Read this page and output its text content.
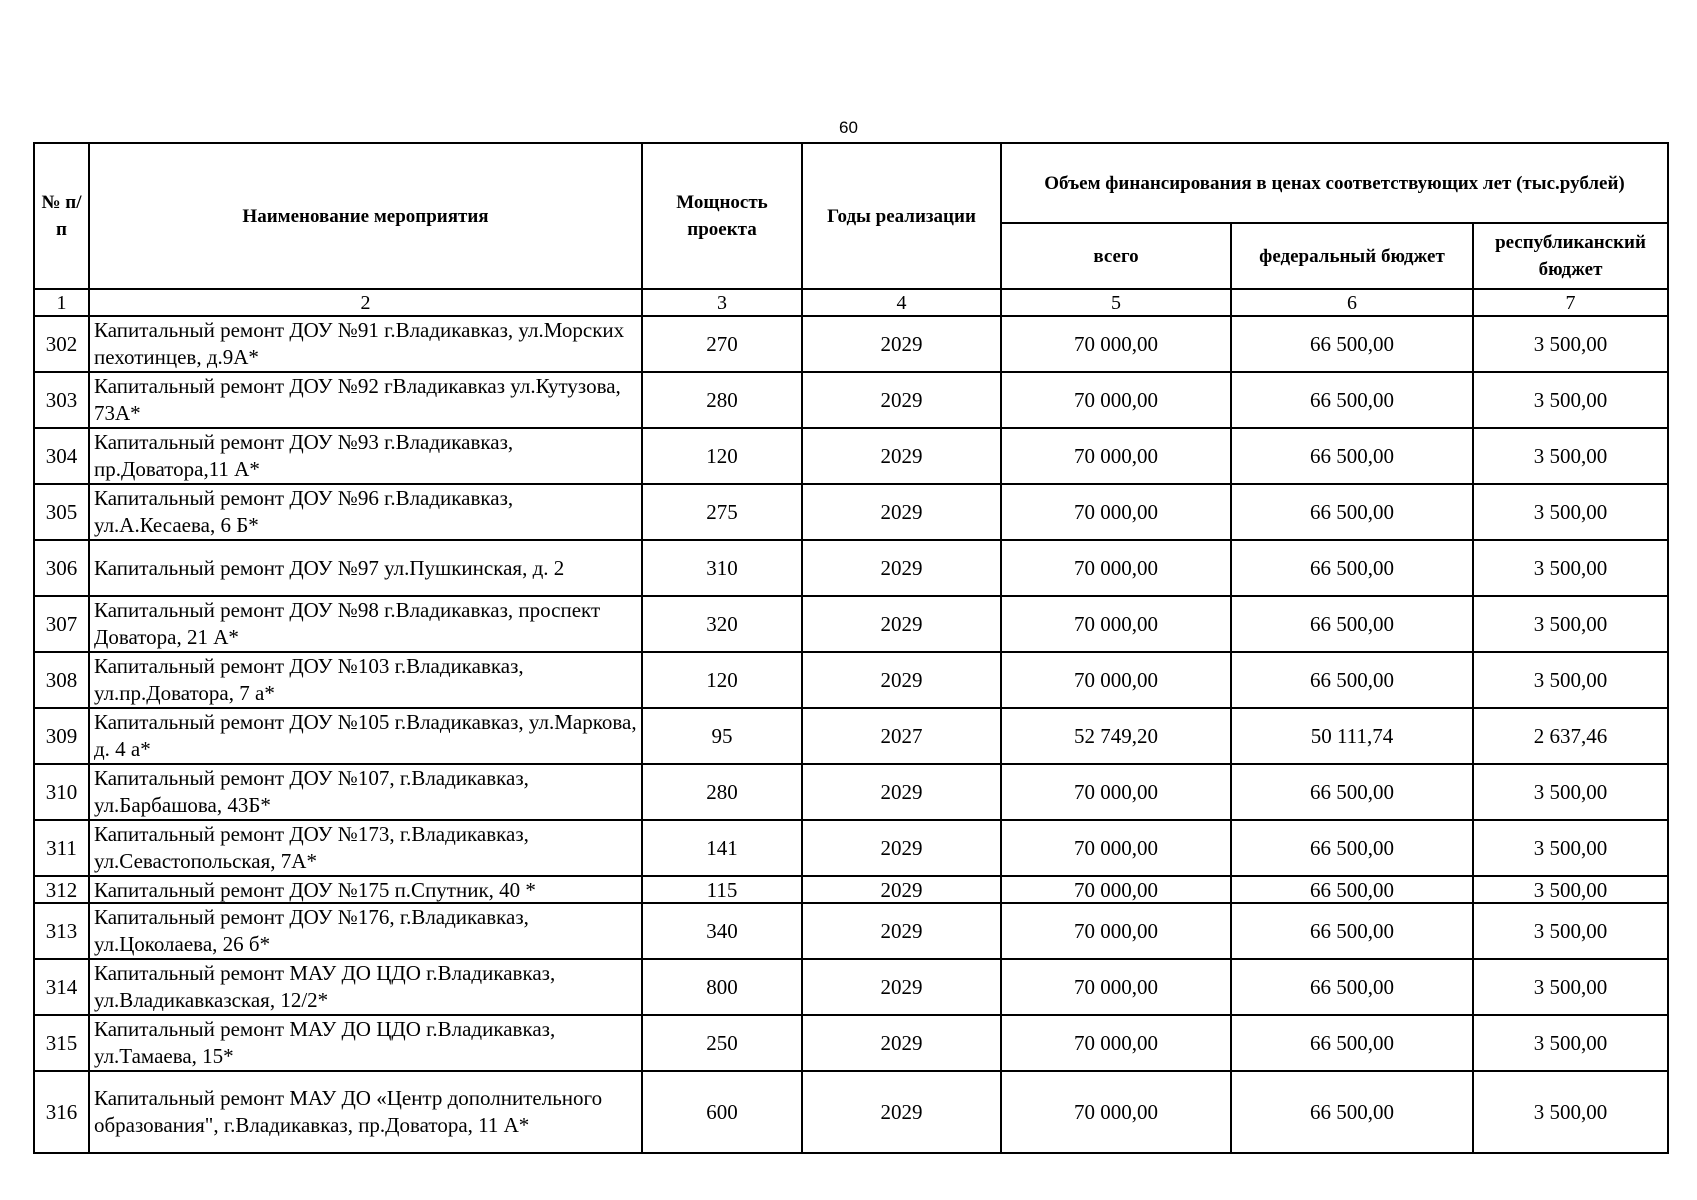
60
№ п/п	Наименование мероприятия	Мощность проекта	Годы реализации	Объем финансирования в ценах соответствующих лет (тыс.рублей)		
				всего	федеральный бюджет	республиканский бюджет
1	2	3	4	5	6	7
302	Капитальный ремонт ДОУ №91 г.Владикавказ, ул.Морских пехотинцев, д.9А*	270	2029	70 000,00	66 500,00	3 500,00
303	Капитальный ремонт ДОУ №92 гВладикавказ ул.Кутузова, 73А*	280	2029	70 000,00	66 500,00	3 500,00
304	Капитальный ремонт ДОУ №93 г.Владикавказ, пр.Доватора,11 А*	120	2029	70 000,00	66 500,00	3 500,00
305	Капитальный ремонт ДОУ №96 г.Владикавказ, ул.А.Кесаева, 6 Б*	275	2029	70 000,00	66 500,00	3 500,00
306	Капитальный ремонт ДОУ №97 ул.Пушкинская, д. 2	310	2029	70 000,00	66 500,00	3 500,00
307	Капитальный ремонт ДОУ №98 г.Владикавказ, проспект Доватора, 21 А*	320	2029	70 000,00	66 500,00	3 500,00
308	Капитальный ремонт ДОУ №103 г.Владикавказ, ул.пр.Доватора, 7 а*	120	2029	70 000,00	66 500,00	3 500,00
309	Капитальный ремонт ДОУ №105 г.Владикавказ, ул.Маркова, д. 4 а*	95	2027	52 749,20	50 111,74	2 637,46
310	Капитальный ремонт ДОУ №107, г.Владикавказ, ул.Барбашова, 43Б*	280	2029	70 000,00	66 500,00	3 500,00
311	Капитальный ремонт ДОУ №173, г.Владикавказ, ул.Севастопольская, 7А*	141	2029	70 000,00	66 500,00	3 500,00
312	Капитальный ремонт ДОУ №175 п.Спутник, 40 *	115	2029	70 000,00	66 500,00	3 500,00
313	Капитальный ремонт ДОУ №176, г.Владикавказ, ул.Цоколаева, 26 б*	340	2029	70 000,00	66 500,00	3 500,00
314	Капитальный ремонт МАУ ДО ЦДО г.Владикавказ, ул.Владикавказская, 12/2*	800	2029	70 000,00	66 500,00	3 500,00
315	Капитальный ремонт МАУ ДО ЦДО г.Владикавказ, ул.Тамаева, 15*	250	2029	70 000,00	66 500,00	3 500,00
316	Капитальный ремонт МАУ ДО «Центр дополнительного образования", г.Владикавказ, пр.Доватора, 11 А*	600	2029	70 000,00	66 500,00	3 500,00
